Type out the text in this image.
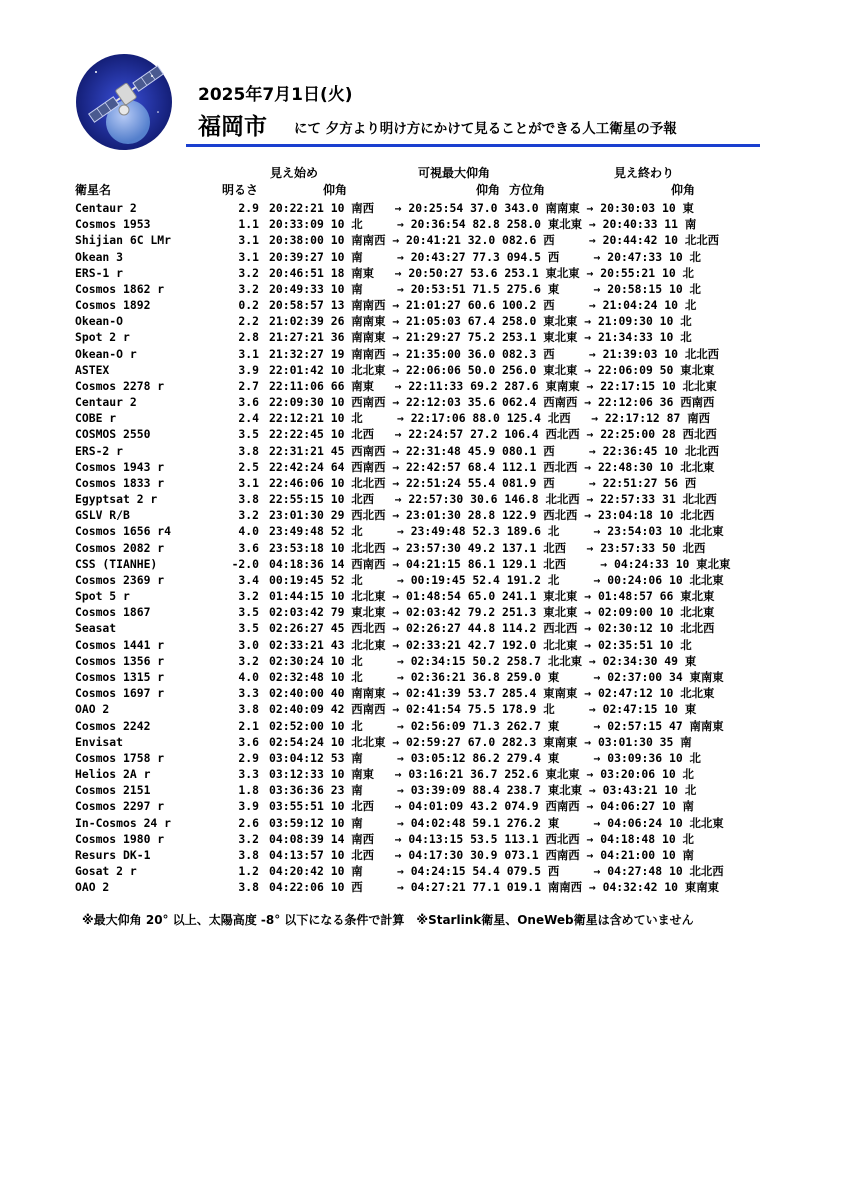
2025年7月1日(火)
福岡市 にて 夕方より明け方にかけて見ることができる人工衛星の予報
見え始め	可視最大仰角	見え終わり
衛星名	明るさ	仰角	仰角 方位角	仰角
Centaur 2	2.9 20:22:21 10 南西   → 20:25:54 37.0 343.0 南南東 → 20:30:03 10 東
Cosmos 1953	1.1 20:33:09 10 北     → 20:36:54 82.8 258.0 東北東 → 20:40:33 11 南
Shijian 6C LMr	3.1 20:38:00 10 南南西 → 20:41:21 32.0 082.6 西     → 20:44:42 10 北北西
Okean 3	3.1 20:39:27 10 南     → 20:43:27 77.3 094.5 西     → 20:47:33 10 北
ERS-1 r	3.2 20:46:51 18 南東   → 20:50:27 53.6 253.1 東北東 → 20:55:21 10 北
Cosmos 1862 r	3.2 20:49:33 10 南     → 20:53:51 71.5 275.6 東     → 20:58:15 10 北
Cosmos 1892	0.2 20:58:57 13 南南西 → 21:01:27 60.6 100.2 西     → 21:04:24 10 北
Okean-O	2.2 21:02:39 26 南南東 → 21:05:03 67.4 258.0 東北東 → 21:09:30 10 北
Spot 2 r	2.8 21:27:21 36 南南東 → 21:29:27 75.2 253.1 東北東 → 21:34:33 10 北
Okean-O r	3.1 21:32:27 19 南南西 → 21:35:00 36.0 082.3 西     → 21:39:03 10 北北西
ASTEX	3.9 22:01:42 10 北北東 → 22:06:06 50.0 256.0 東北東 → 22:06:09 50 東北東
Cosmos 2278 r	2.7 22:11:06 66 南東   → 22:11:33 69.2 287.6 東南東 → 22:17:15 10 北北東
Centaur 2	3.6 22:09:30 10 西南西 → 22:12:03 35.6 062.4 西南西 → 22:12:06 36 西南西
COBE r	2.4 22:12:21 10 北     → 22:17:06 88.0 125.4 北西   → 22:17:12 87 南西
COSMOS 2550	3.5 22:22:45 10 北西   → 22:24:57 27.2 106.4 西北西 → 22:25:00 28 西北西
ERS-2 r	3.8 22:31:21 45 西南西 → 22:31:48 45.9 080.1 西     → 22:36:45 10 北北西
Cosmos 1943 r	2.5 22:42:24 64 西南西 → 22:42:57 68.4 112.1 西北西 → 22:48:30 10 北北東
Cosmos 1833 r	3.1 22:46:06 10 北北西 → 22:51:24 55.4 081.9 西     → 22:51:27 56 西
Egyptsat 2 r	3.8 22:55:15 10 北西   → 22:57:30 30.6 146.8 北北西 → 22:57:33 31 北北西
GSLV R/B	3.2 23:01:30 29 西北西 → 23:01:30 28.8 122.9 西北西 → 23:04:18 10 北北西
Cosmos 1656 r4	4.0 23:49:48 52 北     → 23:49:48 52.3 189.6 北     → 23:54:03 10 北北東
Cosmos 2082 r	3.6 23:53:18 10 北北西 → 23:57:30 49.2 137.1 北西   → 23:57:33 50 北西
CSS (TIANHE)	-2.0 04:18:36 14 西南西 → 04:21:15 86.1 129.1 北西     → 04:24:33 10 東北東
Cosmos 2369 r	3.4 00:19:45 52 北     → 00:19:45 52.4 191.2 北     → 00:24:06 10 北北東
Spot 5 r	3.2 01:44:15 10 北北東 → 01:48:54 65.0 241.1 東北東 → 01:48:57 66 東北東
Cosmos 1867	3.5 02:03:42 79 東北東 → 02:03:42 79.2 251.3 東北東 → 02:09:00 10 北北東
Seasat	3.5 02:26:27 45 西北西 → 02:26:27 44.8 114.2 西北西 → 02:30:12 10 北北西
Cosmos 1441 r	3.0 02:33:21 43 北北東 → 02:33:21 42.7 192.0 北北東 → 02:35:51 10 北
Cosmos 1356 r	3.2 02:30:24 10 北     → 02:34:15 50.2 258.7 北北東 → 02:34:30 49 東
Cosmos 1315 r	4.0 02:32:48 10 北     → 02:36:21 36.8 259.0 東     → 02:37:00 34 東南東
Cosmos 1697 r	3.3 02:40:00 40 南南東 → 02:41:39 53.7 285.4 東南東 → 02:47:12 10 北北東
OAO 2	3.8 02:40:09 42 西南西 → 02:41:54 75.5 178.9 北     → 02:47:15 10 東
Cosmos 2242	2.1 02:52:00 10 北     → 02:56:09 71.3 262.7 東     → 02:57:15 47 南南東
Envisat	3.6 02:54:24 10 北北東 → 02:59:27 67.0 282.3 東南東 → 03:01:30 35 南
Cosmos 1758 r	2.9 03:04:12 53 南     → 03:05:12 86.2 279.4 東     → 03:09:36 10 北
Helios 2A r	3.3 03:12:33 10 南東   → 03:16:21 36.7 252.6 東北東 → 03:20:06 10 北
Cosmos 2151	1.8 03:36:36 23 南     → 03:39:09 88.4 238.7 東北東 → 03:43:21 10 北
Cosmos 2297 r	3.9 03:55:51 10 北西   → 04:01:09 43.2 074.9 西南西 → 04:06:27 10 南
In-Cosmos 24 r	2.6 03:59:12 10 南     → 04:02:48 59.1 276.2 東     → 04:06:24 10 北北東
Cosmos 1980 r	3.2 04:08:39 14 南西   → 04:13:15 53.5 113.1 西北西 → 04:18:48 10 北
Resurs DK-1	3.8 04:13:57 10 北西   → 04:17:30 30.9 073.1 西南西 → 04:21:00 10 南
Gosat 2 r	1.2 04:20:42 10 南     → 04:24:15 54.4 079.5 西     → 04:27:48 10 北北西
OAO 2	3.8 04:22:06 10 西     → 04:27:21 77.1 019.1 南南西 → 04:32:42 10 東南東
※最大仰角 20° 以上、太陽高度 -8° 以下になる条件で計算　※Starlink衛星、OneWeb衛星は含めていません
